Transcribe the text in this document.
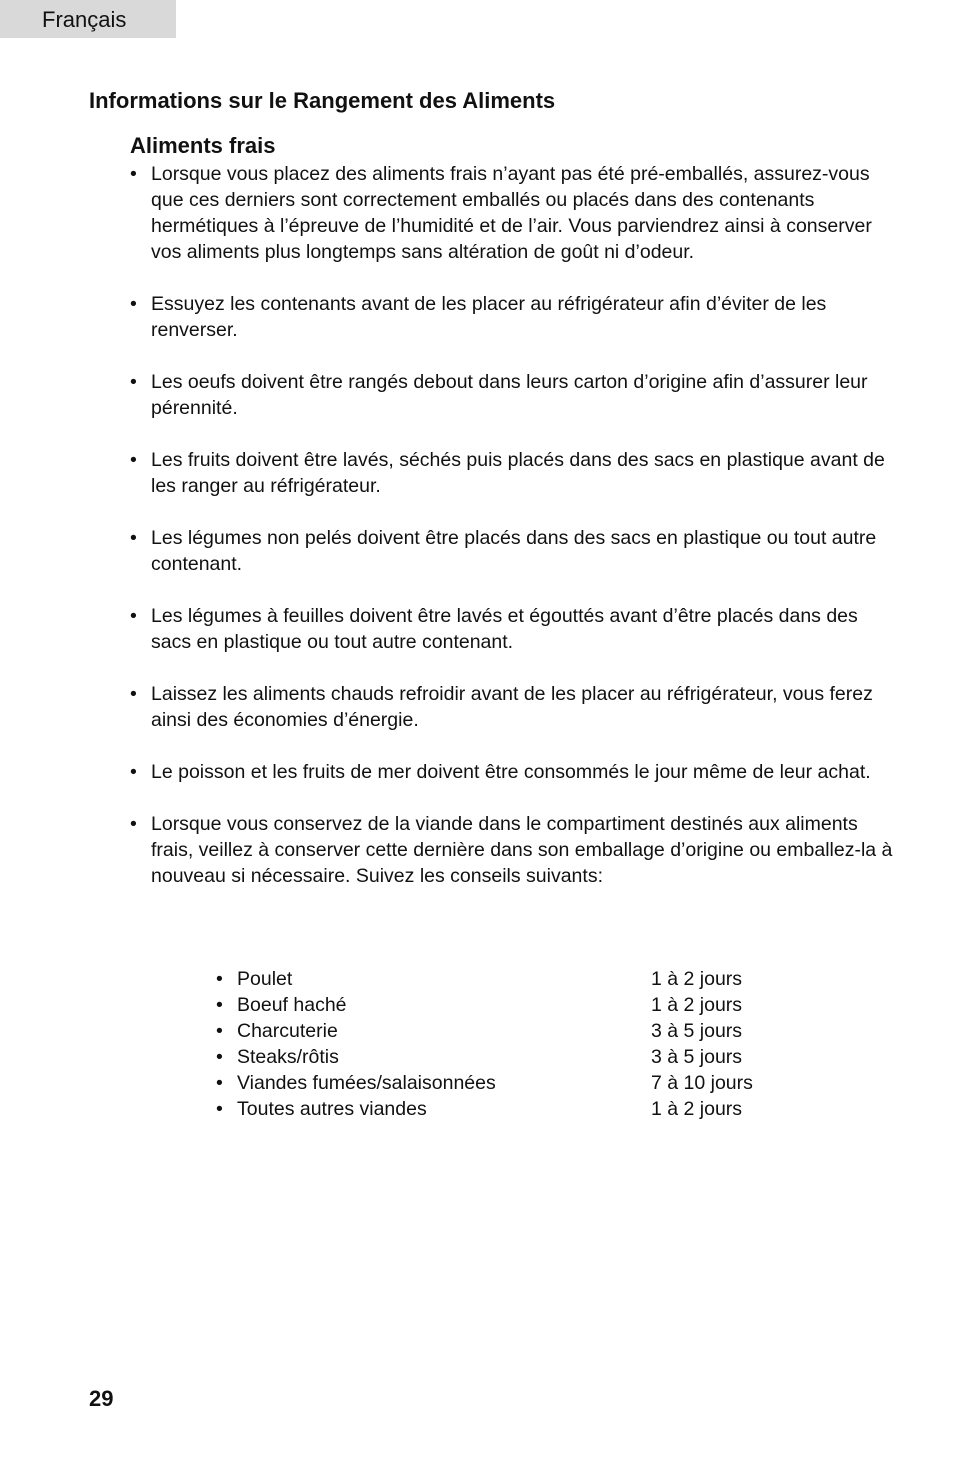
Français
Informations sur le Rangement des Aliments
Aliments frais
• Lorsque vous placez des aliments frais n’ayant pas été pré-emballés, assurez-vous que ces derniers sont correctement emballés ou placés dans des contenants hermétiques à l’épreuve de l’humidité et de l’air. Vous parviendrez ainsi à conserver vos aliments plus longtemps sans altération de goût ni d’odeur.
• Essuyez les contenants avant de les placer au réfrigérateur afin d’éviter de les renverser.
• Les oeufs doivent être rangés debout dans leurs carton d’origine afin d’assurer leur pérennité.
• Les fruits doivent être lavés, séchés puis placés dans des sacs en plastique avant de les ranger au réfrigérateur.
• Les légumes non pelés doivent être placés dans des sacs en plastique ou tout autre contenant.
• Les légumes à feuilles doivent être lavés et égouttés avant d’être placés dans des sacs en plastique ou tout autre contenant.
• Laissez les aliments chauds refroidir avant de les placer au réfrigérateur, vous ferez ainsi des économies d’énergie.
• Le poisson et les fruits de mer doivent être consommés le jour même de leur achat.
• Lorsque vous conservez de la viande dans le compartiment destinés aux aliments frais, veillez à conserver cette dernière dans son emballage d’origine ou emballez-la à nouveau si nécessaire. Suivez les conseils suivants:
• Poulet	1 à 2 jours
• Boeuf haché	1 à 2 jours
• Charcuterie	3 à 5 jours
• Steaks/rôtis	3 à 5 jours
• Viandes fumées/salaisonnées	7 à 10 jours
• Toutes autres viandes	1 à 2 jours
29
